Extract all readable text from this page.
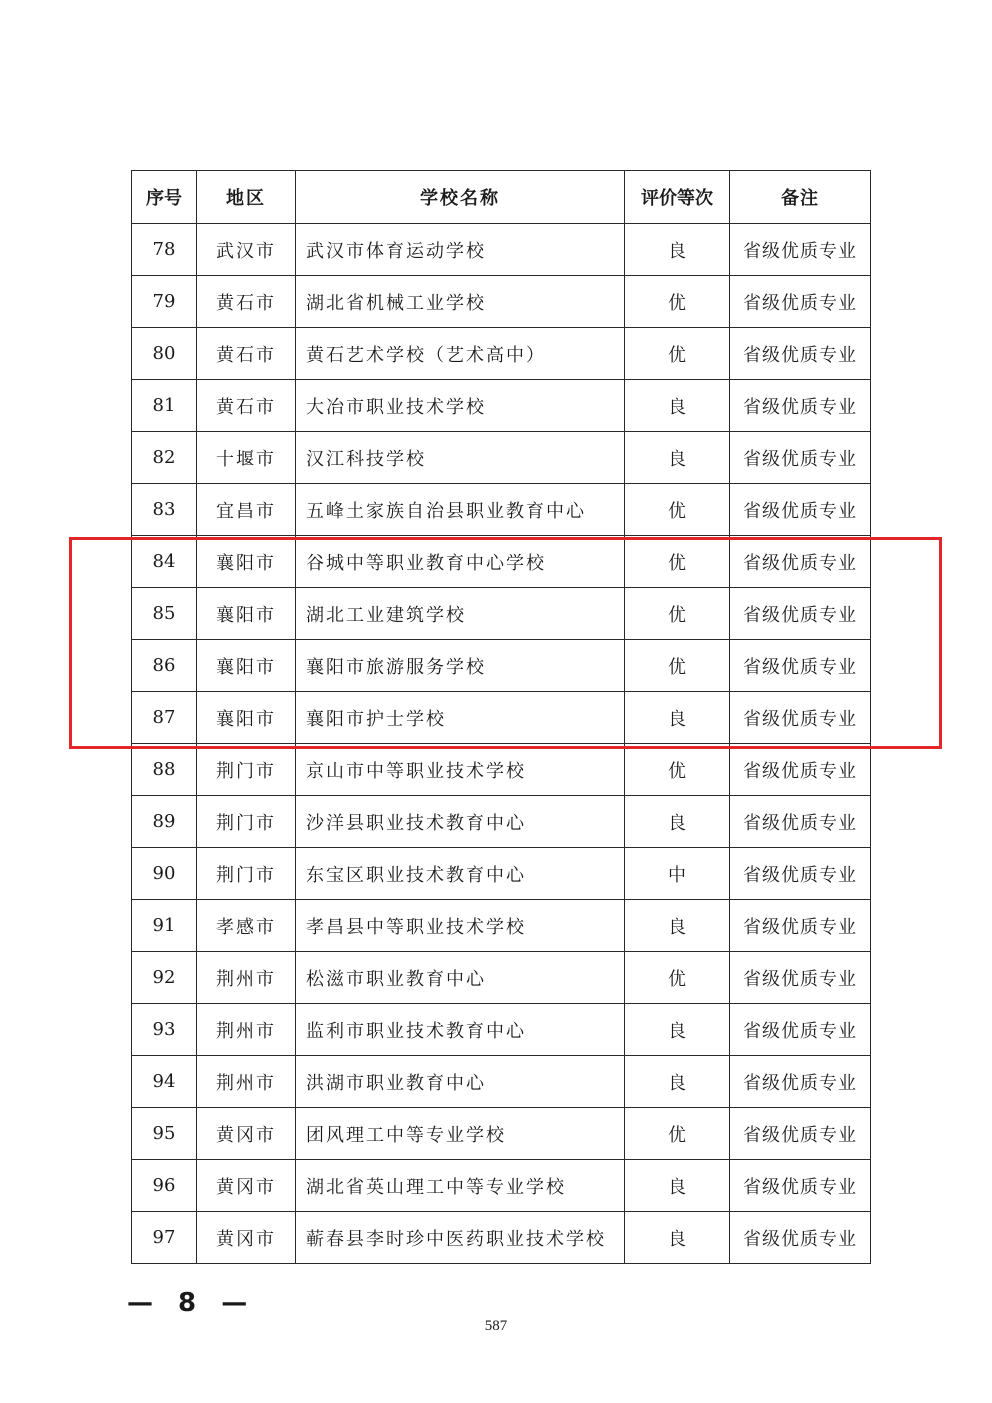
序号	地区	学校名称	评价等次	备注
78	武汉市	武汉市体育运动学校	良	省级优质专业
79	黄石市	湖北省机械工业学校	优	省级优质专业
80	黄石市	黄石艺术学校（艺术高中）	优	省级优质专业
81	黄石市	大冶市职业技术学校	良	省级优质专业
82	十堰市	汉江科技学校	良	省级优质专业
83	宜昌市	五峰土家族自治县职业教育中心	优	省级优质专业
84	襄阳市	谷城中等职业教育中心学校	优	省级优质专业
85	襄阳市	湖北工业建筑学校	优	省级优质专业
86	襄阳市	襄阳市旅游服务学校	优	省级优质专业
87	襄阳市	襄阳市护士学校	良	省级优质专业
88	荆门市	京山市中等职业技术学校	优	省级优质专业
89	荆门市	沙洋县职业技术教育中心	良	省级优质专业
90	荆门市	东宝区职业技术教育中心	中	省级优质专业
91	孝感市	孝昌县中等职业技术学校	良	省级优质专业
92	荆州市	松滋市职业教育中心	优	省级优质专业
93	荆州市	监利市职业技术教育中心	良	省级优质专业
94	荆州市	洪湖市职业教育中心	良	省级优质专业
95	黄冈市	团风理工中等专业学校	优	省级优质专业
96	黄冈市	湖北省英山理工中等专业学校	良	省级优质专业
97	黄冈市	蕲春县李时珍中医药职业技术学校	良	省级优质专业
— 8 —
587
